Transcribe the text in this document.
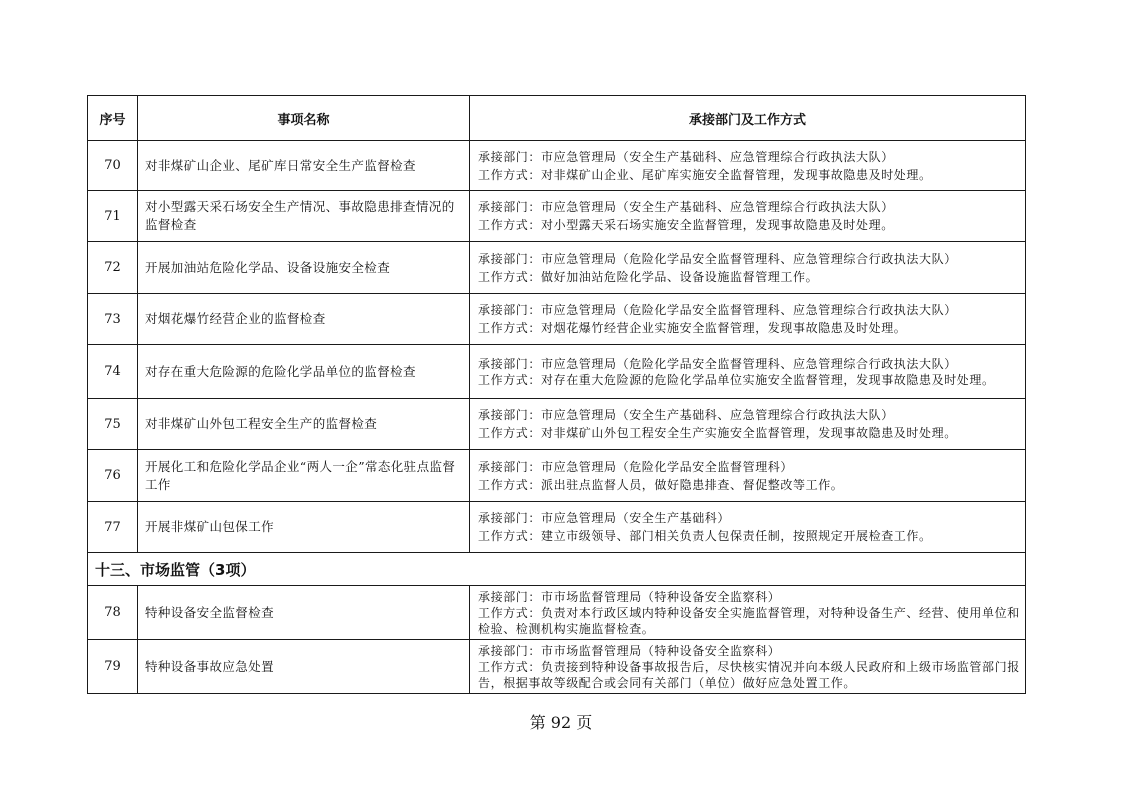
序号	事项名称	承接部门及工作方式
70	对非煤矿山企业、尾矿库日常安全生产监督检查	承接部门：市应急管理局（安全生产基础科、应急管理综合行政执法大队）
工作方式：对非煤矿山企业、尾矿库实施安全监督管理，发现事故隐患及时处理。

71	对小型露天采石场安全生产情况、事故隐患排查情况的监督检查	承接部门：市应急管理局（安全生产基础科、应急管理综合行政执法大队）
工作方式：对小型露天采石场实施安全监督管理，发现事故隐患及时处理。

72	开展加油站危险化学品、设备设施安全检查	承接部门：市应急管理局（危险化学品安全监督管理科、应急管理综合行政执法大队）
工作方式：做好加油站危险化学品、设备设施监督管理工作。

73	对烟花爆竹经营企业的监督检查	承接部门：市应急管理局（危险化学品安全监督管理科、应急管理综合行政执法大队）
工作方式：对烟花爆竹经营企业实施安全监督管理，发现事故隐患及时处理。

74	对存在重大危险源的危险化学品单位的监督检查	承接部门：市应急管理局（危险化学品安全监督管理科、应急管理综合行政执法大队）
工作方式：对存在重大危险源的危险化学品单位实施安全监督管理，发现事故隐患及时处理。

75	对非煤矿山外包工程安全生产的监督检查	承接部门：市应急管理局（安全生产基础科、应急管理综合行政执法大队）
工作方式：对非煤矿山外包工程安全生产实施安全监督管理，发现事故隐患及时处理。

76	开展化工和危险化学品企业“两人一企”常态化驻点监督工作	承接部门：市应急管理局（危险化学品安全监督管理科）
工作方式：派出驻点监督人员，做好隐患排查、督促整改等工作。

77	开展非煤矿山包保工作	承接部门：市应急管理局（安全生产基础科）
工作方式：建立市级领导、部门相关负责人包保责任制，按照规定开展检查工作。

十三、市场监管（3项）		
78	特种设备安全监督检查	承接部门：市市场监督管理局（特种设备安全监察科）
工作方式：负责对本行政区域内特种设备安全实施监督管理，对特种设备生产、经营、使用单位和检验、检测机构实施监督检查。

79	特种设备事故应急处置	承接部门：市市场监督管理局（特种设备安全监察科）
工作方式：负责接到特种设备事故报告后，尽快核实情况并向本级人民政府和上级市场监管部门报告，根据事故等级配合或会同有关部门（单位）做好应急处置工作。
第 92 页
